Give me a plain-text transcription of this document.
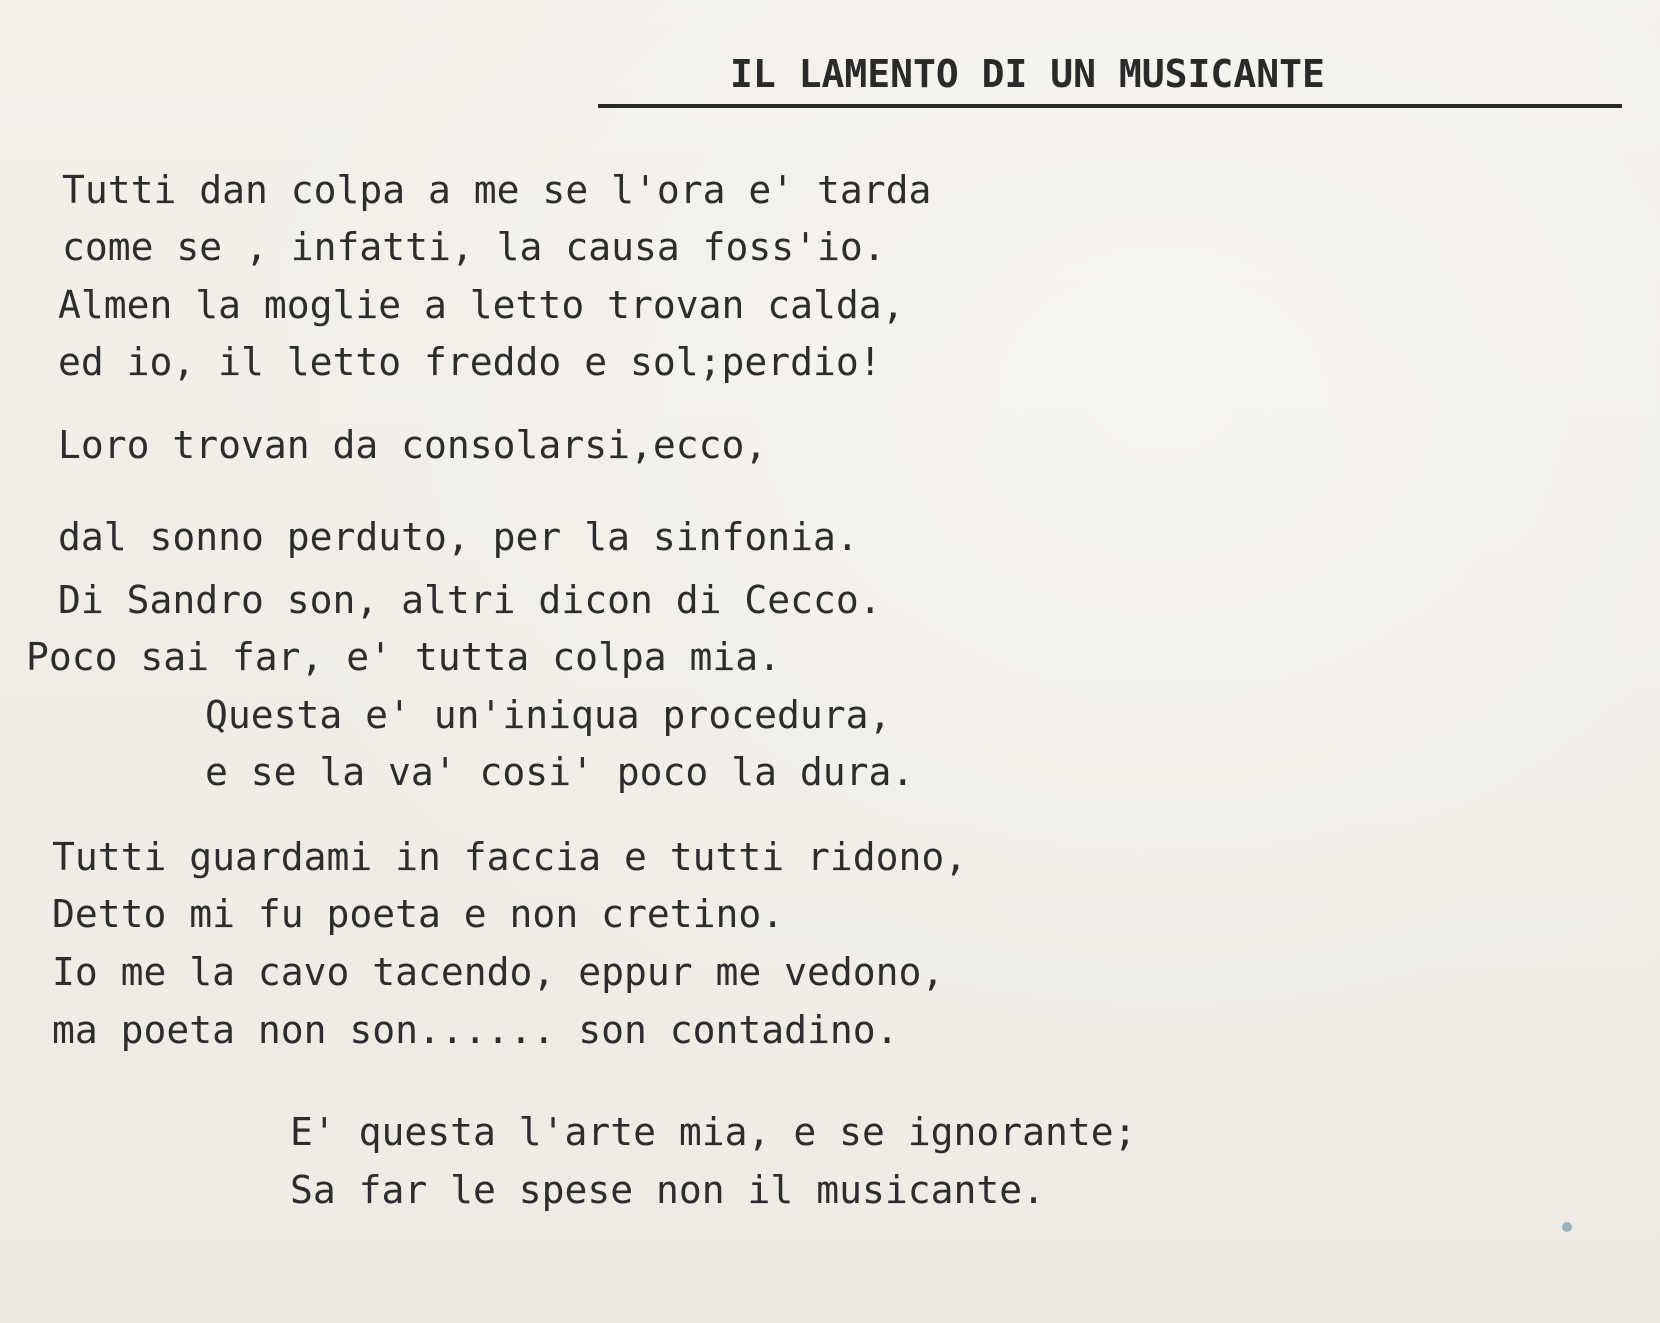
IL LAMENTO DI UN MUSICANTE
Tutti dan colpa a me se l'ora e' tarda
come se , infatti, la causa foss'io.
Almen la moglie a letto trovan calda,
ed io, il letto freddo e sol;perdio!
Loro trovan da consolarsi,ecco,
dal sonno perduto, per la sinfonia.
Di Sandro son, altri dicon di Cecco.
Poco sai far, e' tutta colpa mia.
Questa e' un'iniqua procedura,
e se la va' cosi' poco la dura.
Tutti guardami in faccia e tutti ridono,
Detto mi fu poeta e non cretino.
Io me la cavo tacendo, eppur me vedono,
ma poeta non son...... son contadino.
E' questa l'arte mia, e se ignorante;
Sa far le spese non il musicante.
